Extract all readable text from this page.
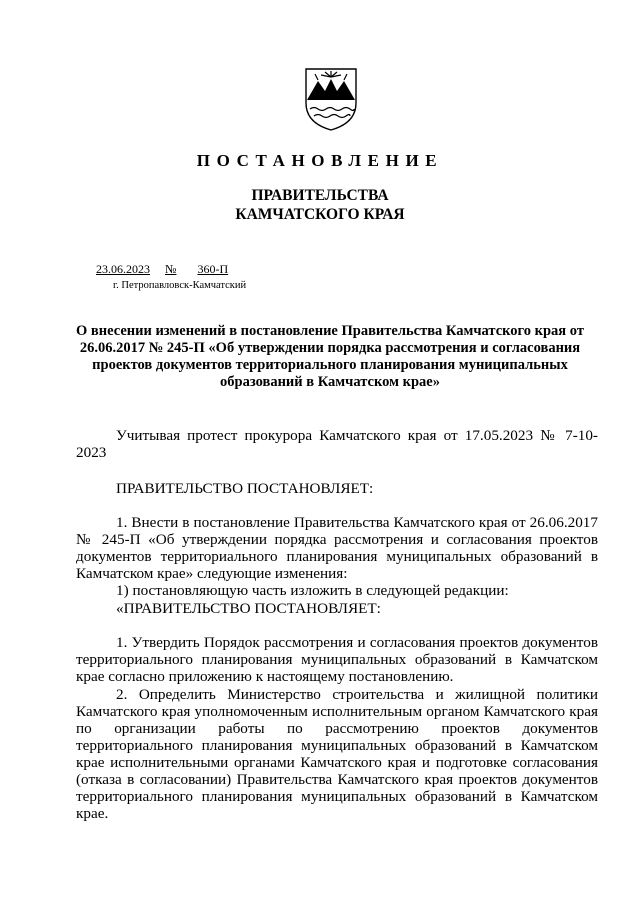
ПОСТАНОВЛЕНИЕ
ПРАВИТЕЛЬСТВА
КАМЧАТСКОГО КРАЯ
23.06.2023 № 360-П
г. Петропавловск-Камчатский
О внесении изменений в постановление Правительства Камчатского края от 26.06.2017 № 245-П «Об утверждении порядка рассмотрения и согласования проектов документов территориального планирования муниципальных образований в Камчатском крае»
Учитывая протест прокурора Камчатского края от 17.05.2023 № 7-10-2023
ПРАВИТЕЛЬСТВО ПОСТАНОВЛЯЕТ:
1. Внести в постановление Правительства Камчатского края от 26.06.2017 № 245-П «Об утверждении порядка рассмотрения и согласования проектов документов территориального планирования муниципальных образований в Камчатском крае» следующие изменения:
1) постановляющую часть изложить в следующей редакции:
«ПРАВИТЕЛЬСТВО ПОСТАНОВЛЯЕТ:
1. Утвердить Порядок рассмотрения и согласования проектов документов территориального планирования муниципальных образований в Камчатском крае согласно приложению к настоящему постановлению.
2. Определить Министерство строительства и жилищной политики Камчатского края уполномоченным исполнительным органом Камчатского края по организации работы по рассмотрению проектов документов территориального планирования муниципальных образований в Камчатском крае исполнительными органами Камчатского края и подготовке согласования (отказа в согласовании) Правительства Камчатского края проектов документов территориального планирования муниципальных образований в Камчатском крае.
